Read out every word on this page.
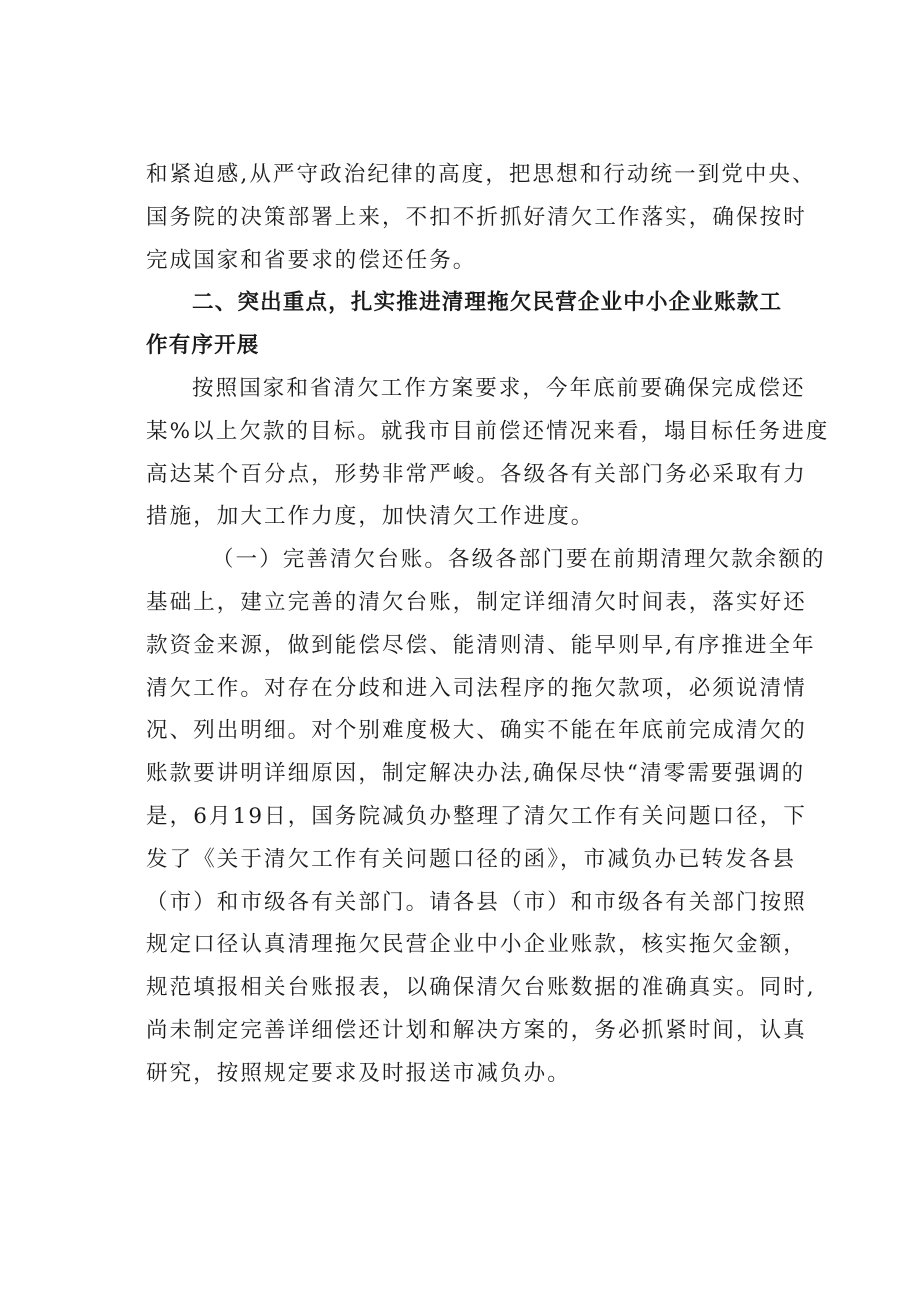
和紧迫感,从严守政治纪律的高度，把思想和行动统一到党中央、
国务院的决策部署上来，不扣不折抓好清欠工作落实，确保按时
完成国家和省要求的偿还任务。
二、突出重点，扎实推进清理拖欠民营企业中小企业账款工
作有序开展
按照国家和省清欠工作方案要求，今年底前要确保完成偿还
某%以上欠款的目标。就我市目前偿还情况来看，塌目标任务进度
高达某个百分点，形势非常严峻。各级各有关部门务必采取有力
措施，加大工作力度，加快清欠工作进度。
（一）完善清欠台账。各级各部门要在前期清理欠款余额的
基础上，建立完善的清欠台账，制定详细清欠时间表，落实好还
款资金来源，做到能偿尽偿、能清则清、能早则早,有序推进全年
清欠工作。对存在分歧和进入司法程序的拖欠款项，必须说清情
况、列出明细。对个别难度极大、确实不能在年底前完成清欠的
账款要讲明详细原因，制定解决办法,确保尽快“清零需要强调的
是，6月19日，国务院减负办整理了清欠工作有关问题口径，下
发了《关于清欠工作有关问题口径的函》，市减负办已转发各县
（市）和市级各有关部门。请各县（市）和市级各有关部门按照
规定口径认真清理拖欠民营企业中小企业账款，核实拖欠金额，
规范填报相关台账报表，以确保清欠台账数据的准确真实。同时,
尚未制定完善详细偿还计划和解决方案的，务必抓紧时间，认真
研究，按照规定要求及时报送市减负办。
